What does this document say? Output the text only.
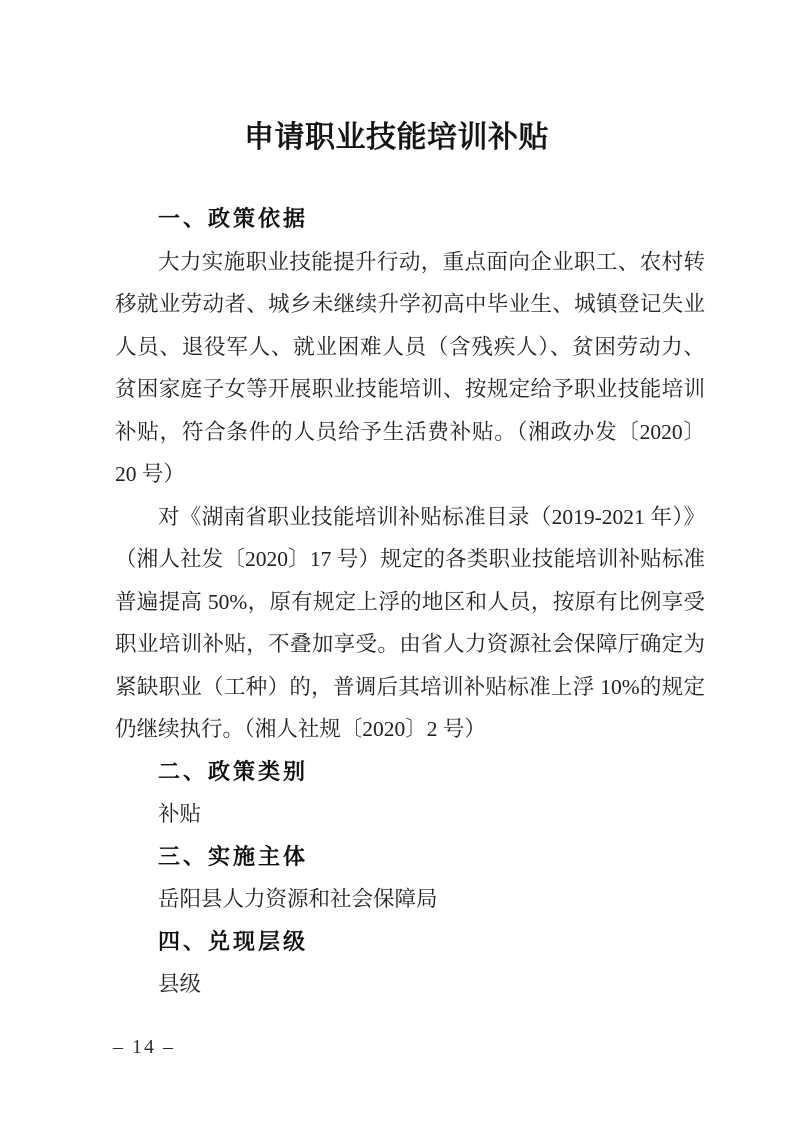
申请职业技能培训补贴
一、政策依据

大力实施职业技能提升行动，重点面向企业职工、农村转移就业劳动者、城乡未继续升学初高中毕业生、城镇登记失业人员、退役军人、就业困难人员（含残疾人）、贫困劳动力、贫困家庭子女等开展职业技能培训、按规定给予职业技能培训补贴，符合条件的人员给予生活费补贴。（湘政办发〔2020〕20 号）

对《湖南省职业技能培训补贴标准目录（2019-2021 年）》（湘人社发〔2020〕17 号）规定的各类职业技能培训补贴标准普遍提高 50%，原有规定上浮的地区和人员，按原有比例享受职业培训补贴，不叠加享受。由省人力资源社会保障厅确定为紧缺职业（工种）的，普调后其培训补贴标准上浮 10%的规定仍继续执行。（湘人社规〔2020〕2 号）

二、政策类别

补贴

三、实施主体

岳阳县人力资源和社会保障局

四、兑现层级

县级

– 14 –
